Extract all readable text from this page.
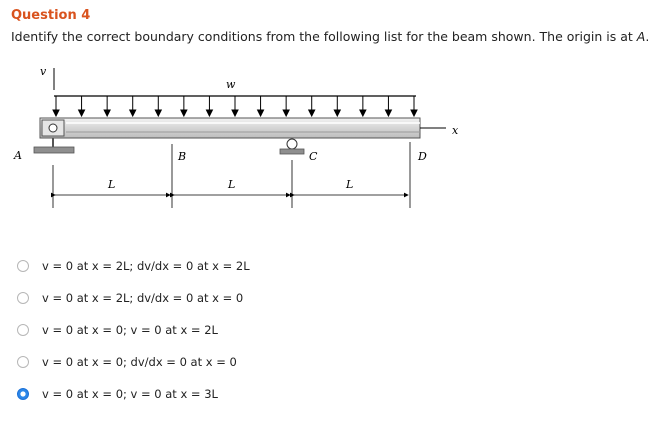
Question 4
Identify the correct boundary conditions from the following list for the beam shown. The origin is at A.
v
w
x
A	C
B	D
L	L	L
v = 0 at x = 2L; dv/dx = 0 at x = 2L
v = 0 at x = 2L; dv/dx = 0 at x = 0
v = 0 at x = 0; v = 0 at x = 2L
v = 0 at x = 0; dv/dx = 0 at x = 0
v = 0 at x = 0; v = 0 at x = 3L
